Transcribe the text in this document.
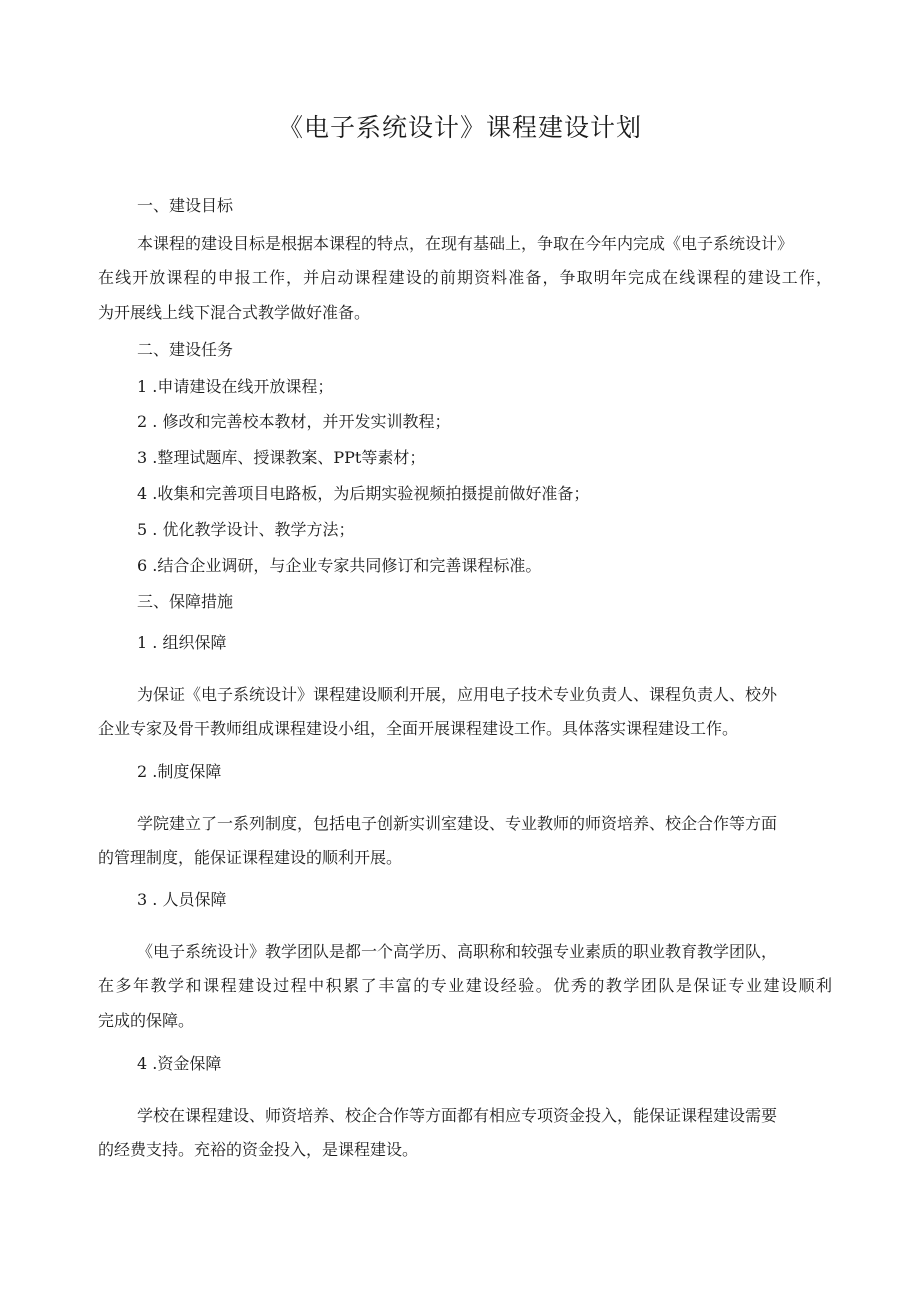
《电子系统设计》课程建设计划
一、建设目标
本课程的建设目标是根据本课程的特点，在现有基础上，争取在今年内完成《电子系统设计》
在线开放课程的申报工作，并启动课程建设的前期资料准备，争取明年完成在线课程的建设工作，
为开展线上线下混合式教学做好准备。
二、建设任务
1 .申请建设在线开放课程；
2 . 修改和完善校本教材，并开发实训教程；
3 .整理试题库、授课教案、PPt等素材；
4 .收集和完善项目电路板，为后期实验视频拍摄提前做好准备；
5 . 优化教学设计、教学方法；
6 .结合企业调研，与企业专家共同修订和完善课程标准。
三、保障措施
1 . 组织保障
为保证《电子系统设计》课程建设顺利开展，应用电子技术专业负责人、课程负责人、校外
企业专家及骨干教师组成课程建设小组，全面开展课程建设工作。具体落实课程建设工作。
2 .制度保障
学院建立了一系列制度，包括电子创新实训室建设、专业教师的师资培养、校企合作等方面
的管理制度，能保证课程建设的顺利开展。
3 . 人员保障
《电子系统设计》教学团队是都一个高学历、高职称和较强专业素质的职业教育教学团队，
在多年教学和课程建设过程中积累了丰富的专业建设经验。优秀的教学团队是保证专业建设顺利
完成的保障。
4 .资金保障
学校在课程建设、师资培养、校企合作等方面都有相应专项资金投入，能保证课程建设需要
的经费支持。充裕的资金投入，是课程建设。
